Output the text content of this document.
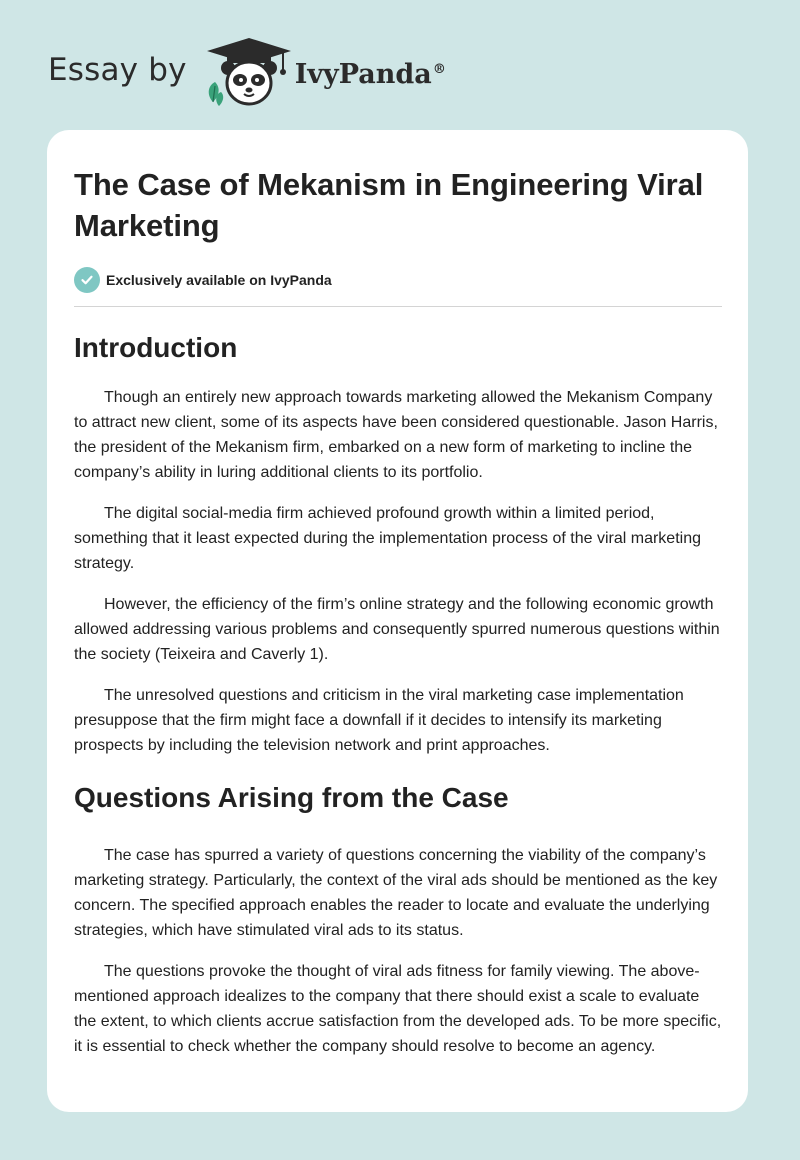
Essay by	IvyPanda®
The Case of Mekanism in Engineering Viral Marketing
Exclusively available on IvyPanda
Introduction

Though an entirely new approach towards marketing allowed the Mekanism Company to attract new client, some of its aspects have been considered questionable. Jason Harris, the president of the Mekanism firm, embarked on a new form of marketing to incline the company’s ability in luring additional clients to its portfolio.

The digital social-media firm achieved profound growth within a limited period, something that it least expected during the implementation process of the viral marketing strategy.

However, the efficiency of the firm’s online strategy and the following economic growth allowed addressing various problems and consequently spurred numerous questions within the society (Teixeira and Caverly 1).

The unresolved questions and criticism in the viral marketing case implementation presuppose that the firm might face a downfall if it decides to intensify its marketing prospects by including the television network and print approaches.

Questions Arising from the Case

The case has spurred a variety of questions concerning the viability of the company’s marketing strategy. Particularly, the context of the viral ads should be mentioned as the key concern. The specified approach enables the reader to locate and evaluate the underlying strategies, which have stimulated viral ads to its status.

The questions provoke the thought of viral ads fitness for family viewing. The above-mentioned approach idealizes to the company that there should exist a scale to evaluate the extent, to which clients accrue satisfaction from the developed ads. To be more specific, it is essential to check whether the company should resolve to become an agency.
